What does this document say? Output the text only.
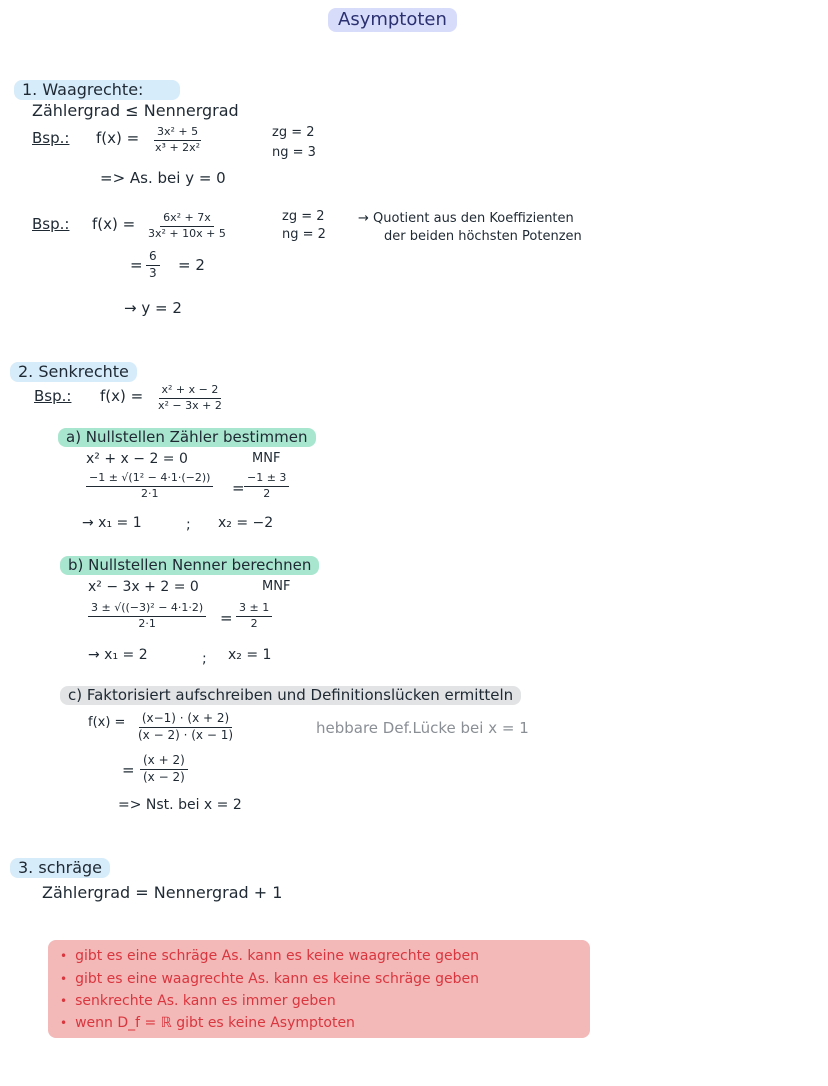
Asymptoten
1. Waagrechte:
Zählergrad ≤ Nennergrad
Bsp.: $f(x) = \frac{\text{3x² + 5}}{\text{x³ + 2x²}}$	zg = 2
ng = 3
=> As. bei y = 0
Bsp.: $f(x) = \frac{\text{6x² + 7x}}{\text{3x² + 10x + 5}}$	zg = 2
ng = 2
→ Quotient aus den Koeffizienten
der beiden höchsten Potenzen
= $\frac{6}{3} = 2$
→ y = 2
2. Senkrechte
Bsp.: $f(x) = \frac{\text{x² + x − 2}}{\text{x² − 3x + 2}}$
a) Nullstellen Zähler bestimmen
x² + x − 2 = 0	MNF
$\frac{\text{−1 ± √(1² − 4·1·(−2))}}{2\cdot 1} = \frac{-1 \pm 3}{2}$
→ x₁ = 1	; x₂ = −2
b) Nullstellen Nenner berechnen
x² − 3x + 2 = 0	MNF
$\frac{\text{3 ± √((−3)² − 4·1·2)}}{2\cdot 1} = \frac{3 \pm 1}{2}$
→ x₁ = 2	; x₂ = 1
c) Faktorisiert aufschreiben und Definitionslücken ermitteln
$f(x) = \frac{(x-1) \cdot (x + 2)}{(x - 2) \cdot (x - 1)}$	hebbare Def.Lücke bei x = 1
= $\frac{(x + 2)}{(x - 2)}$
=> Nst. bei x = 2
3. schräge
Zählergrad = Nennergrad + 1
• gibt es eine schräge As. kann es keine waagrechte geben
• gibt es eine waagrechte As. kann es keine schräge geben
• senkrechte As. kann es immer geben
• wenn D_f = ℝ gibt es keine Asymptoten
